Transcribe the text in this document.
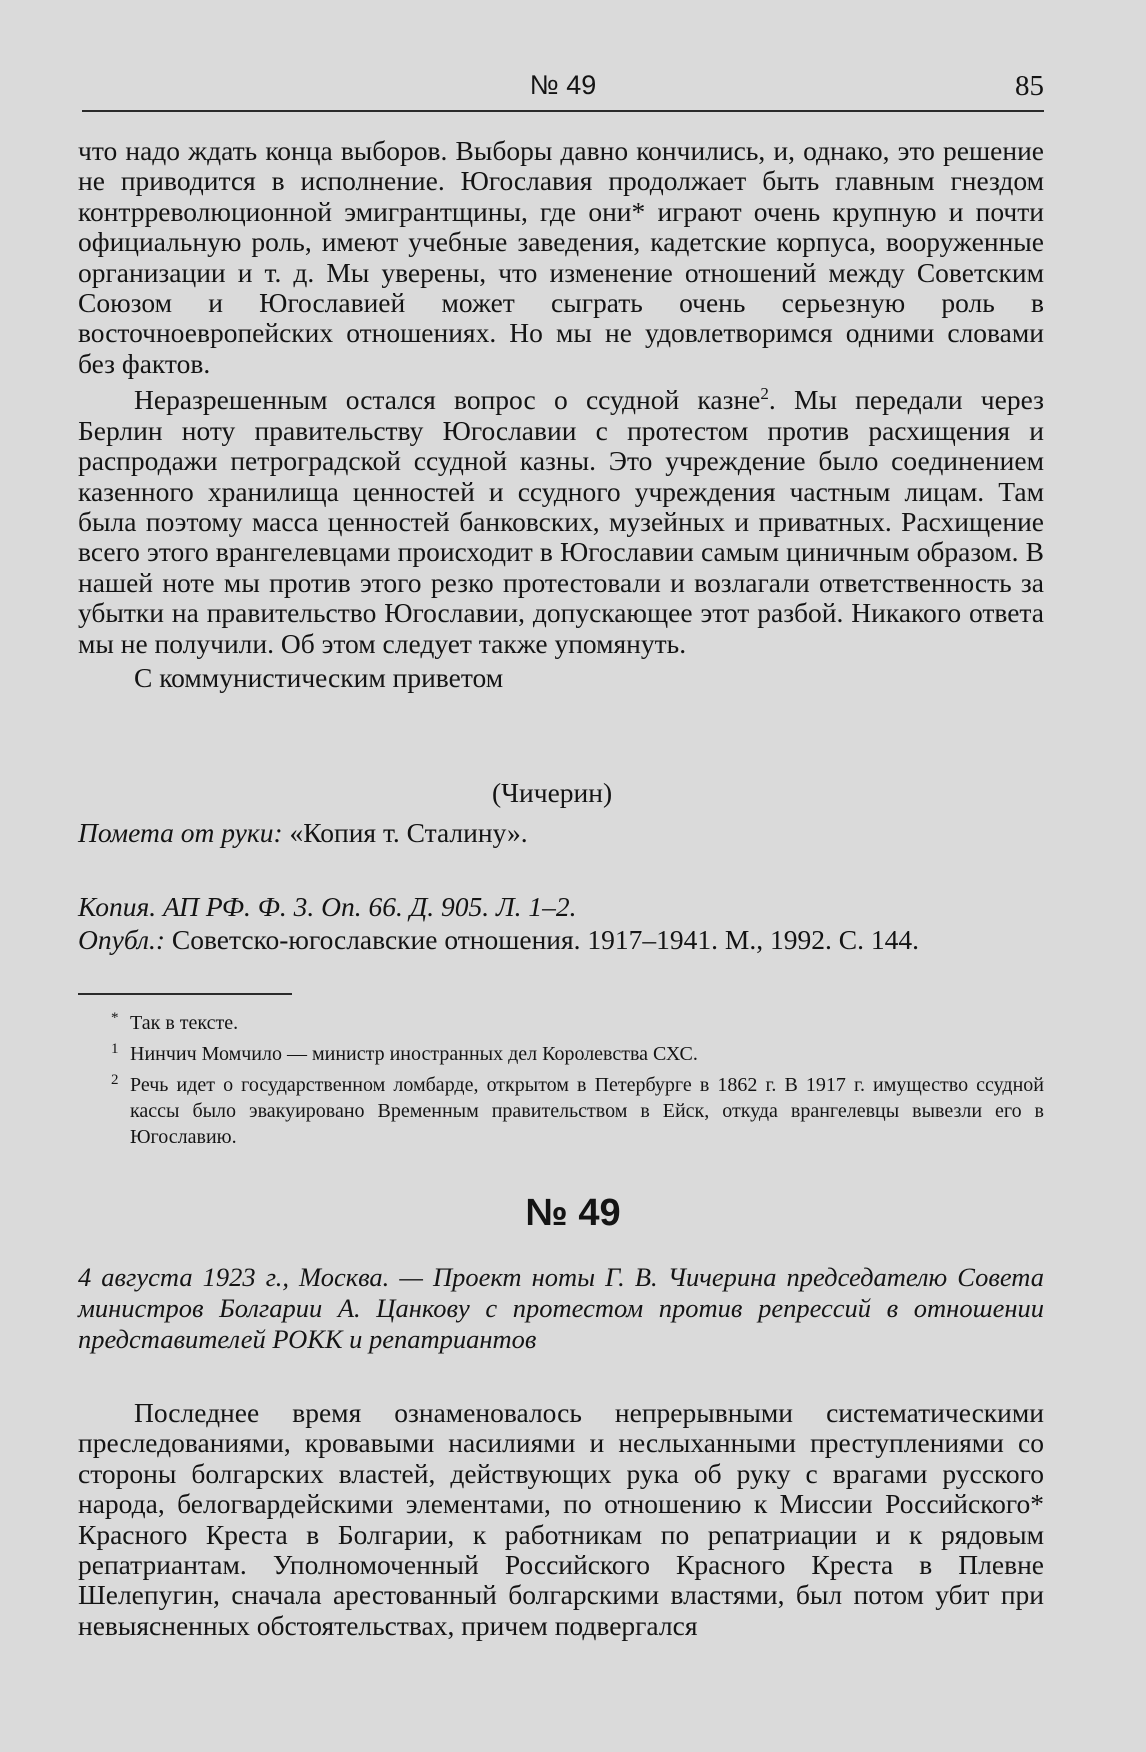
№ 49	85

что надо ждать конца выборов. Выборы давно кончились, и, однако, это решение не приводится в исполнение. Югославия продолжает быть главным гнездом контрреволюционной эмигрантщины, где они* играют очень крупную и почти официальную роль, имеют учебные заведения, кадетские корпуса, вооруженные организации и т. д. Мы уверены, что изменение отношений между Советским Союзом и Югославией может сыграть очень серьезную роль в восточноевропейских отношениях. Но мы не удовлетворимся одними словами без фактов.

Неразрешенным остался вопрос о ссудной казне$^2$. Мы передали через Берлин ноту правительству Югославии с протестом против расхищения и распродажи петроградской ссудной казны. Это учреждение было соединением казенного хранилища ценностей и ссудного учреждения частным лицам. Там была поэтому масса ценностей банковских, музейных и приватных. Расхищение всего этого врангелевцами происходит в Югославии самым циничным образом. В нашей ноте мы против этого резко протестовали и возлагали ответственность за убытки на правительство Югославии, допускающее этот разбой. Никакого ответа мы не получили. Об этом следует также упомянуть.

С коммунистическим приветом

(Чичерин)
Помета от руки: «Копия т. Сталину».
Копия. АП РФ. Ф. 3. Оп. 66. Д. 905. Л. 1–2.
Опубл.: Советско-югославские отношения. 1917–1941. М., 1992. С. 144.
* Так в тексте.
1 Нинчич Момчило — министр иностранных дел Королевства СХС.
2 Речь идет о государственном ломбарде, открытом в Петербурге в 1862 г. В 1917 г. имущество ссудной кассы было эвакуировано Временным правительством в Ейск, откуда врангелевцы вывезли его в Югославию.
№ 49
4 августа 1923 г., Москва. — Проект ноты Г. В. Чичерина председателю Совета министров Болгарии А. Цанкову с протестом против репрессий в отношении представителей РОКК и репатриантов

Последнее время ознаменовалось непрерывными систематическими преследованиями, кровавыми насилиями и неслыханными преступлениями со стороны болгарских властей, действующих рука об руку с врагами русского народа, белогвардейскими элементами, по отношению к Миссии Российского* Красного Креста в Болгарии, к работникам по репатриации и к рядовым репатриантам. Уполномоченный Российского Красного Креста в Плевне Шелепугин, сначала арестованный болгарскими властями, был потом убит при невыясненных обстоятельствах, причем подвергался
